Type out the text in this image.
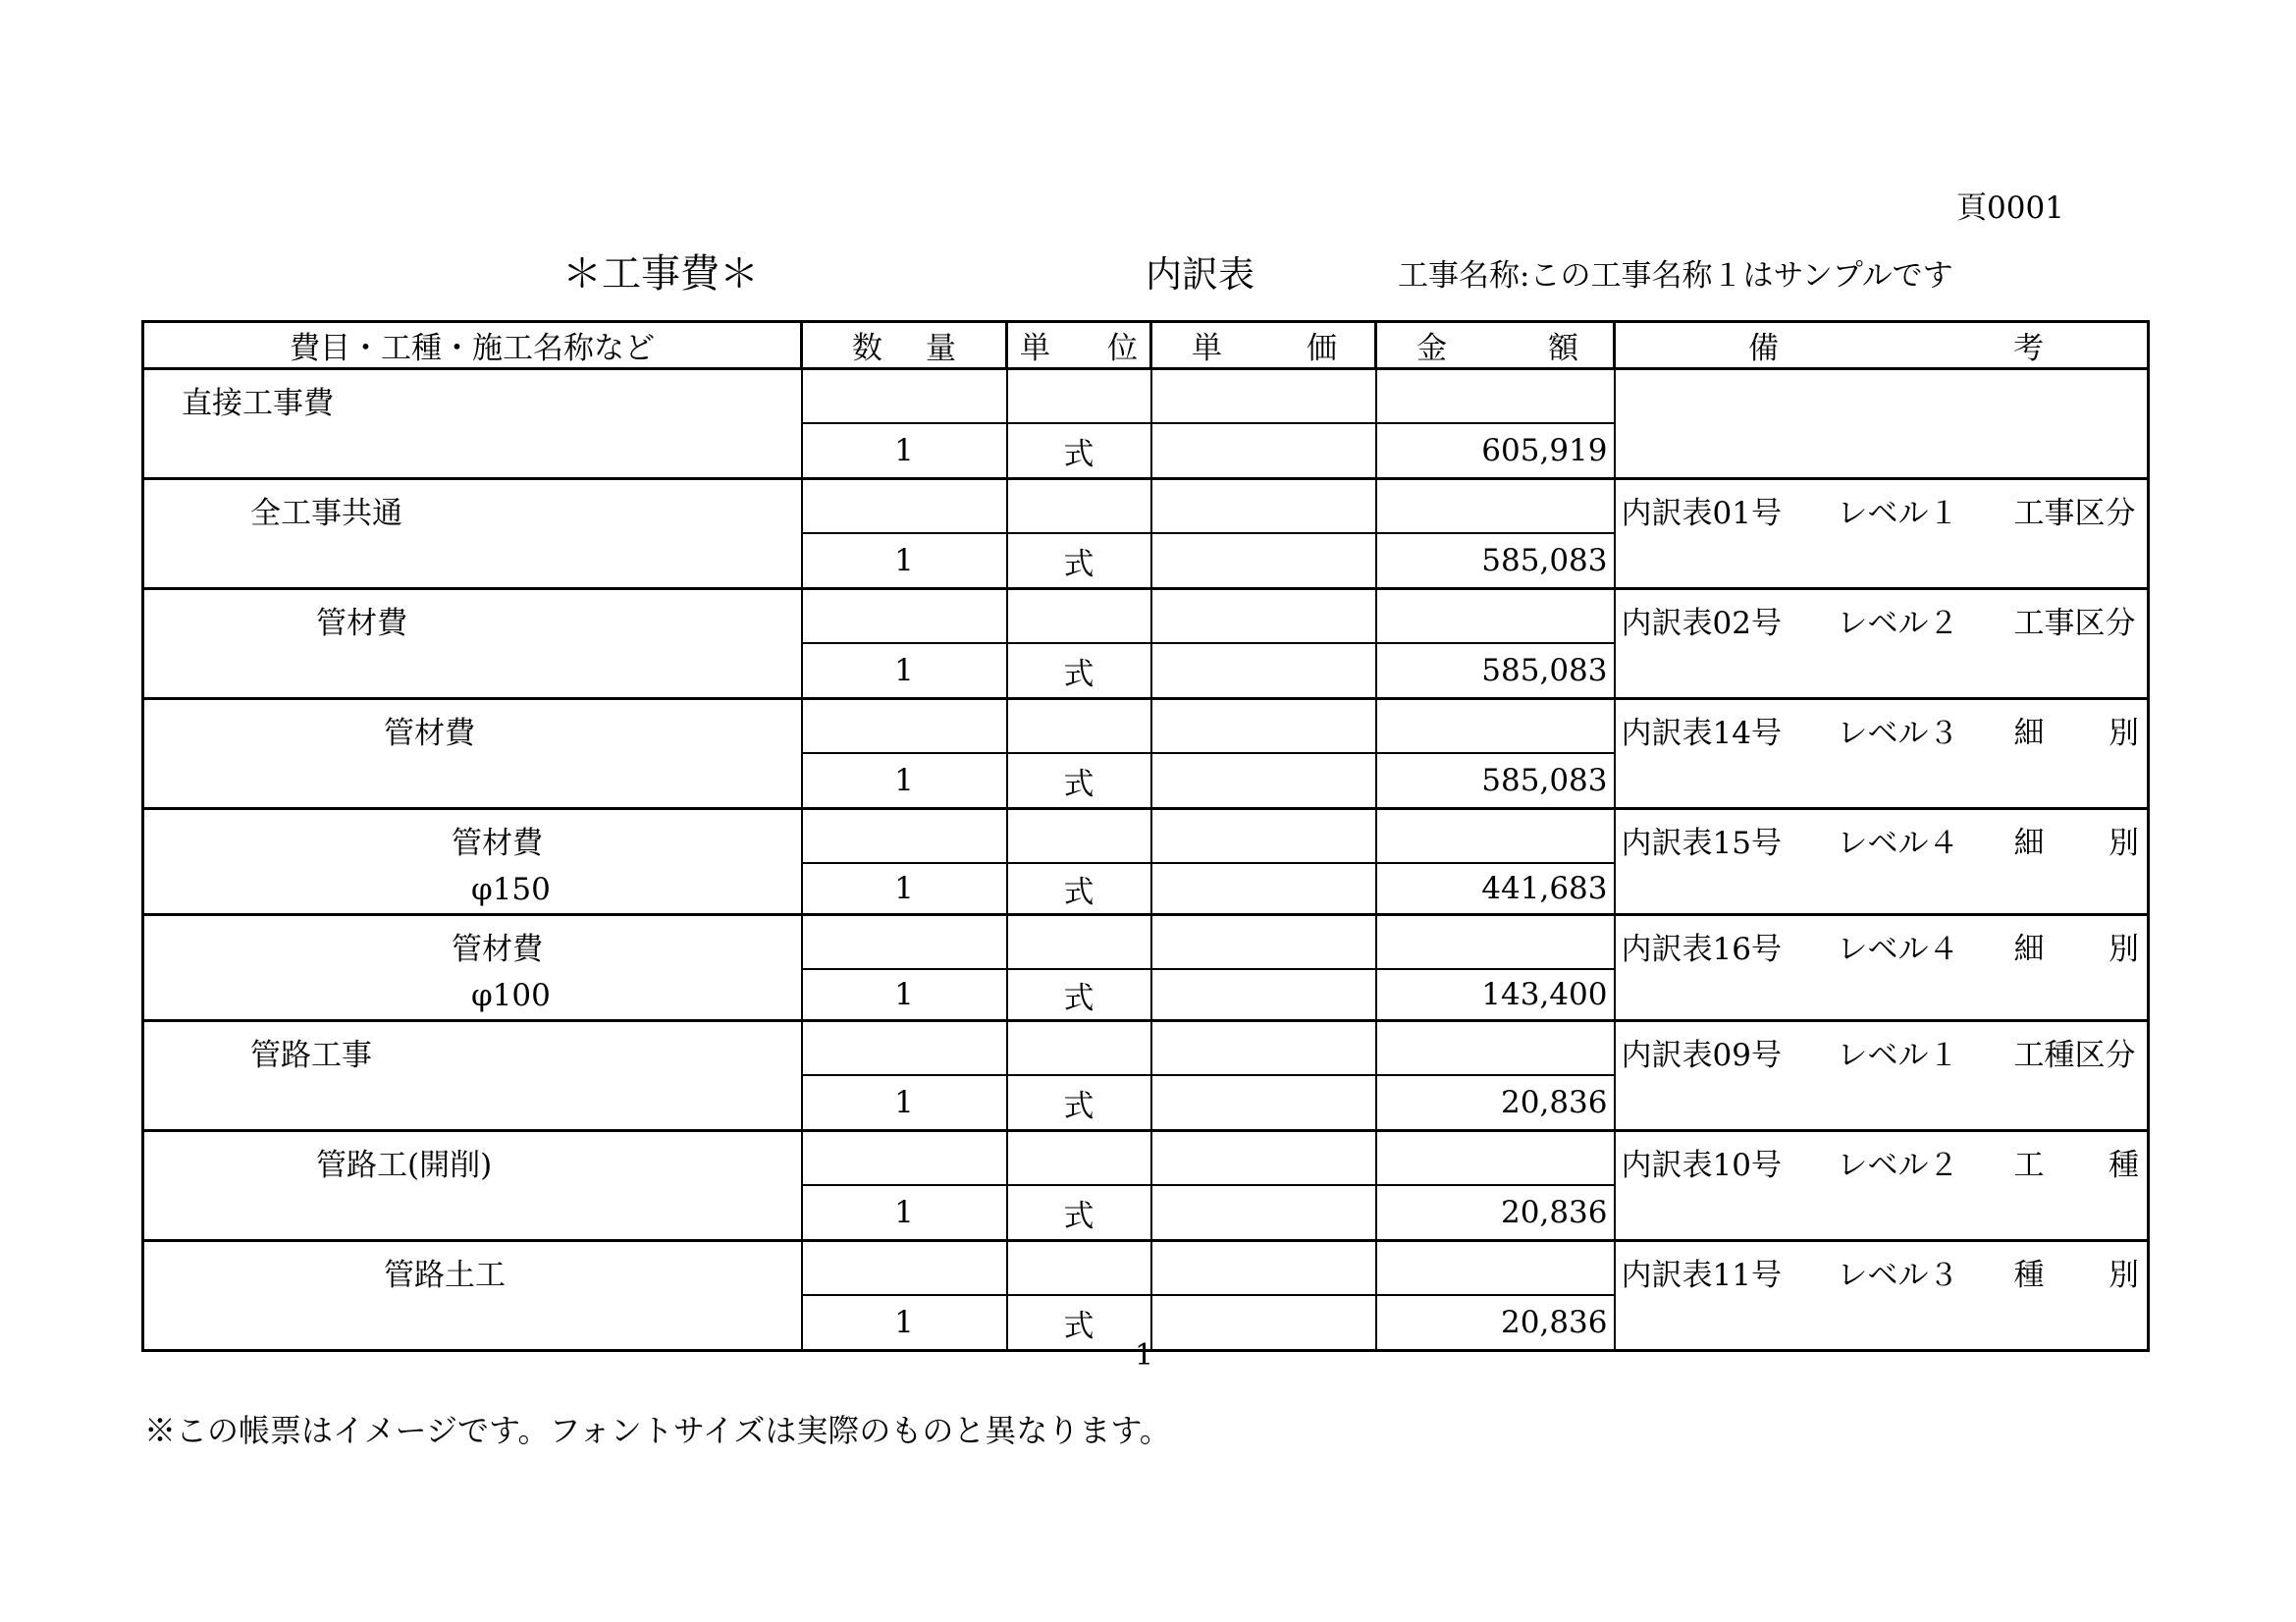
頁0001
＊工事費＊	内訳表	工事名称:この工事名称１はサンプルです
費目・工種・施工名称など	数 量	単 位	単 価	金 額	備 考

直接工事費					

	1	式		605,919	

全工事共通					内訳表01号 レベル１ 工事区分

	1	式		585,083	

管材費					内訳表02号 レベル２ 工事区分

	1	式		585,083	

管材費					内訳表14号 レベル３ 細 別

	1	式		585,083	

管材費
φ150					内訳表15号 レベル４ 細 別

	1	式		441,683	

管材費
φ100					内訳表16号 レベル４ 細 別

	1	式		143,400	

管路工事					内訳表09号 レベル１ 工種区分

	1	式		20,836	

管路工(開削)					内訳表10号 レベル２ 工 種

	1	式		20,836	

管路土工					内訳表11号 レベル３ 種 別

	1	式		20,836	
1
※この帳票はイメージです。フォントサイズは実際のものと異なります。
